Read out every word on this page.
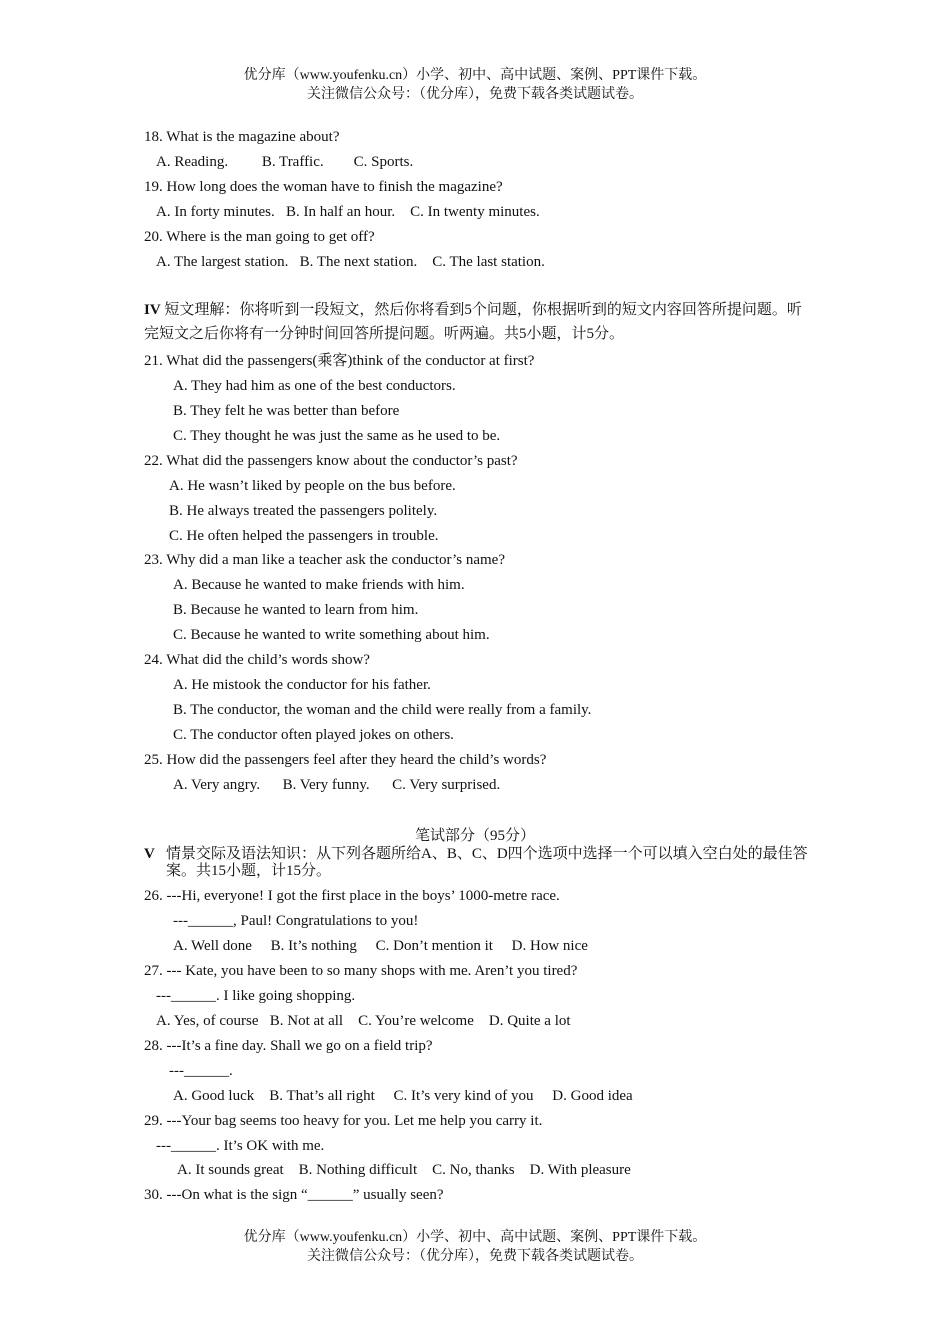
优分库（www.youfenku.cn）小学、初中、高中试题、案例、PPT课件下载。
关注微信公众号：（优分库），免费下载各类试题试卷。
18. What is the magazine about?
A. Reading.         B. Traffic.        C. Sports.
19. How long does the woman have to finish the magazine?
A. In forty minutes.   B. In half an hour.    C. In twenty minutes.
20. Where is the man going to get off?
A. The largest station.   B. The next station.    C. The last station.
IV 短文理解：你将听到一段短文，然后你将看到5个问题，你根据听到的短文内容回答所提问题。听完短文之后你将有一分钟时间回答所提问题。听两遍。共5小题，计5分。
21. What did the passengers(乘客)think of the conductor at first?
A. They had him as one of the best conductors.
B. They felt he was better than before
C. They thought he was just the same as he used to be.
22. What did the passengers know about the conductor’s past?
A. He wasn’t liked by people on the bus before.
B. He always treated the passengers politely.
C. He often helped the passengers in trouble.
23. Why did a man like a teacher ask the conductor’s name?
A. Because he wanted to make friends with him.
B. Because he wanted to learn from him.
C. Because he wanted to write something about him.
24. What did the child’s words show?
A. He mistook the conductor for his father.
B. The conductor, the woman and the child were really from a family.
C. The conductor often played jokes on others.
25. How did the passengers feel after they heard the child’s words?
A. Very angry.      B. Very funny.      C. Very surprised.
笔试部分（95分）
V 情景交际及语法知识：从下列各题所给A、B、C、D四个选项中选择一个可以填入空白处的最佳答案。共15小题，计15分。
26. ---Hi, everyone! I got the first place in the boys’ 1000-metre race.
---______, Paul! Congratulations to you!
A. Well done     B. It’s nothing     C. Don’t mention it     D. How nice
27. --- Kate, you have been to so many shops with me. Aren’t you tired?
---______. I like going shopping.
A. Yes, of course   B. Not at all    C. You’re welcome    D. Quite a lot
28. ---It’s a fine day. Shall we go on a field trip?
---______.
A. Good luck    B. That’s all right     C. It’s very kind of you     D. Good idea
29. ---Your bag seems too heavy for you. Let me help you carry it.
---______. It’s OK with me.
A. It sounds great    B. Nothing difficult    C. No, thanks    D. With pleasure
30. ---On what is the sign “______” usually seen?
优分库（www.youfenku.cn）小学、初中、高中试题、案例、PPT课件下载。
关注微信公众号：（优分库），免费下载各类试题试卷。
